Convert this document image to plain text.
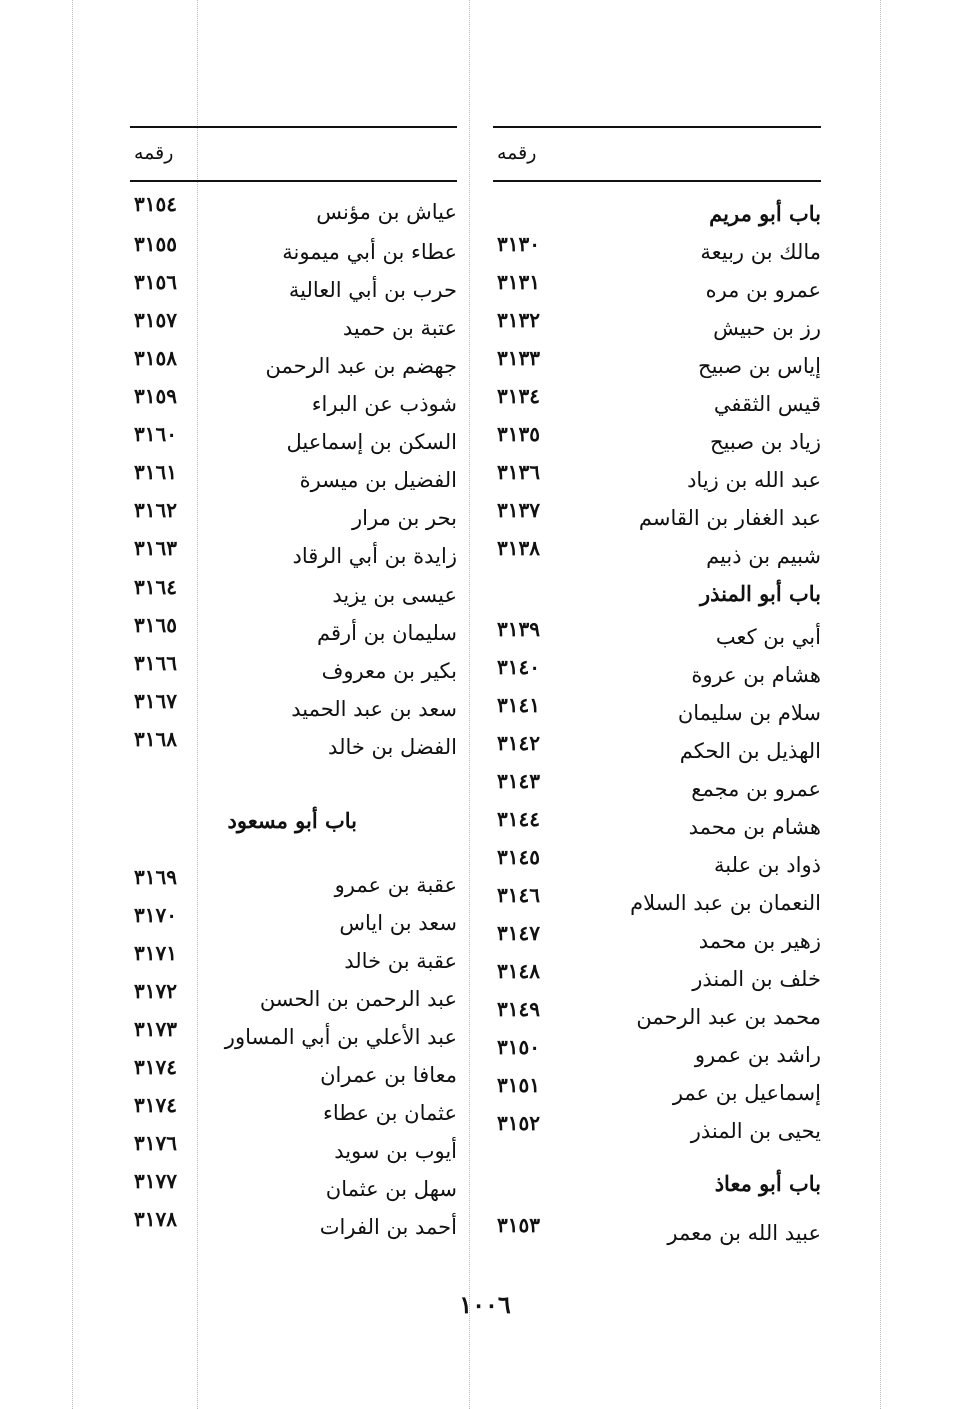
رقمه
باب أبو مريم
مالك بن ربيعة
٣١٣٠
عمرو بن مره
٣١٣١
رز بن حبيش
٣١٣٢
إياس بن صبيح
٣١٣٣
قيس الثقفي
٣١٣٤
زياد بن صبيح
٣١٣٥
عبد الله بن زياد
٣١٣٦
عبد الغفار بن القاسم
٣١٣٧
شبيم بن ذبيم
٣١٣٨
باب أبو المنذر
أبي بن كعب
٣١٣٩
هشام بن عروة
٣١٤٠
سلام بن سليمان
٣١٤١
الهذيل بن الحكم
٣١٤٢
عمرو بن مجمع
٣١٤٣
هشام بن محمد
٣١٤٤
ذواد بن علبة
٣١٤٥
النعمان بن عبد السلام
٣١٤٦
زهير بن محمد
٣١٤٧
خلف بن المنذر
٣١٤٨
محمد بن عبد الرحمن
٣١٤٩
راشد بن عمرو
٣١٥٠
إسماعيل بن عمر
٣١٥١
يحيى بن المنذر
٣١٥٢
باب أبو معاذ
عبيد الله بن معمر
٣١٥٣
رقمه
عياش بن مؤنس
٣١٥٤
عطاء بن أبي ميمونة
٣١٥٥
حرب بن أبي العالية
٣١٥٦
عتبة بن حميد
٣١٥٧
جهضم بن عبد الرحمن
٣١٥٨
شوذب عن البراء
٣١٥٩
السكن بن إسماعيل
٣١٦٠
الفضيل بن ميسرة
٣١٦١
بحر بن مرار
٣١٦٢
زايدة بن أبي الرقاد
٣١٦٣
عيسى بن يزيد
٣١٦٤
سليمان بن أرقم
٣١٦٥
بكير بن معروف
٣١٦٦
سعد بن عبد الحميد
٣١٦٧
الفضل بن خالد
٣١٦٨
باب أبو مسعود
عقبة بن عمرو
٣١٦٩
سعد بن اياس
٣١٧٠
عقبة بن خالد
٣١٧١
عبد الرحمن بن الحسن
٣١٧٢
عبد الأعلي بن أبي المساور
٣١٧٣
معافا بن عمران
٣١٧٤
عثمان بن عطاء
٣١٧٤
أيوب بن سويد
٣١٧٦
سهل بن عثمان
٣١٧٧
أحمد بن الفرات
٣١٧٨
١٠٠٦
